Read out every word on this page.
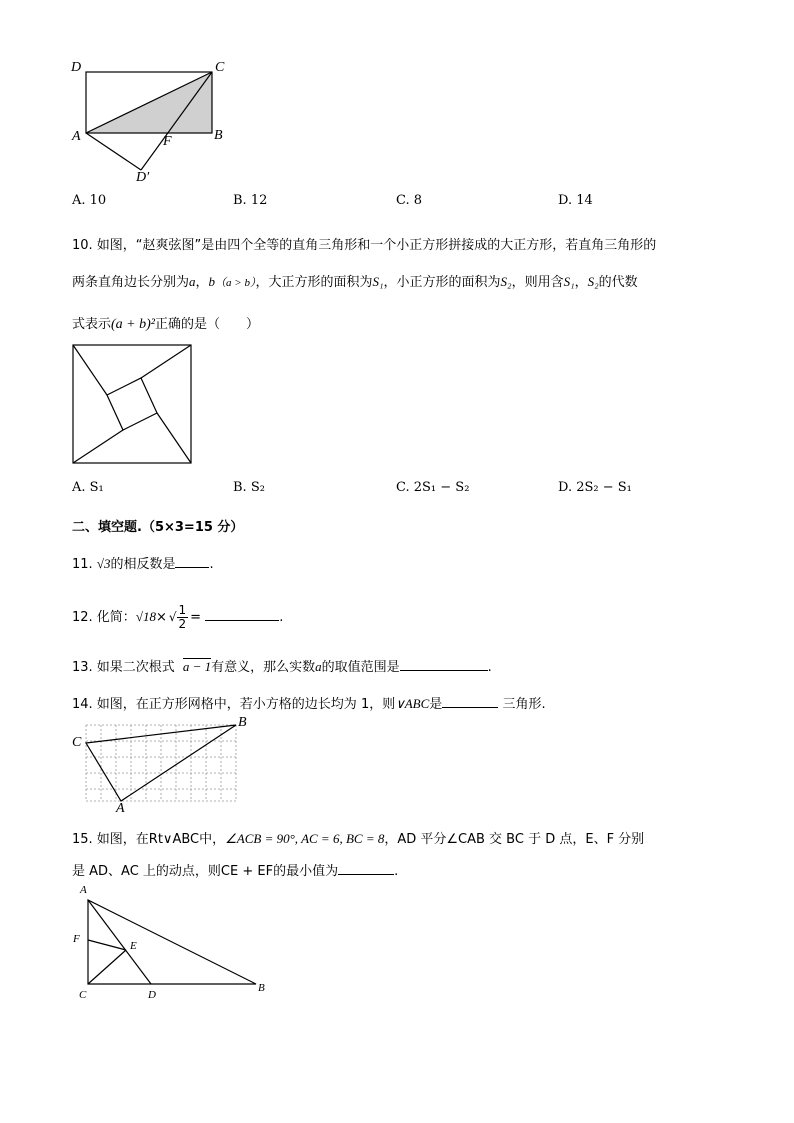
D	C
A	B
F
D′
A. 10	B. 12	C. 8	D. 14
10. 如图，“赵爽弦图”是由四个全等的直角三角形和一个小正方形拼接成的大正方形，若直角三角形的
两条直角边长分别为a，b（a > b），大正方形的面积为S₁，小正方形的面积为S₂，则用含S₁，S₂的代数
式表示(a + b)²正确的是（　　）
A. S₁	B. S₂	C. 2S₁ − S₂	D. 2S₂ − S₁
二、填空题.（5×3=15 分）
11. √3的相反数是	.
12. 化简：√18× √ $\frac{1}{2}$ =	.
13. 如果二次根式 a − 1有意义，那么实数a的取值范围是	.
14. 如图，在正方形网格中，若小方格的边长均为 1，则∨ABC是	三角形.
C
B
A
15. 如图，在Rt∨ABC中，∠ACB = 90°, AC = 6, BC = 8，AD 平分∠CAB 交 BC 于 D 点，E、F 分别
是 AD、AC 上的动点，则CE + EF的最小值为	.
A
F
E
C	D
B
